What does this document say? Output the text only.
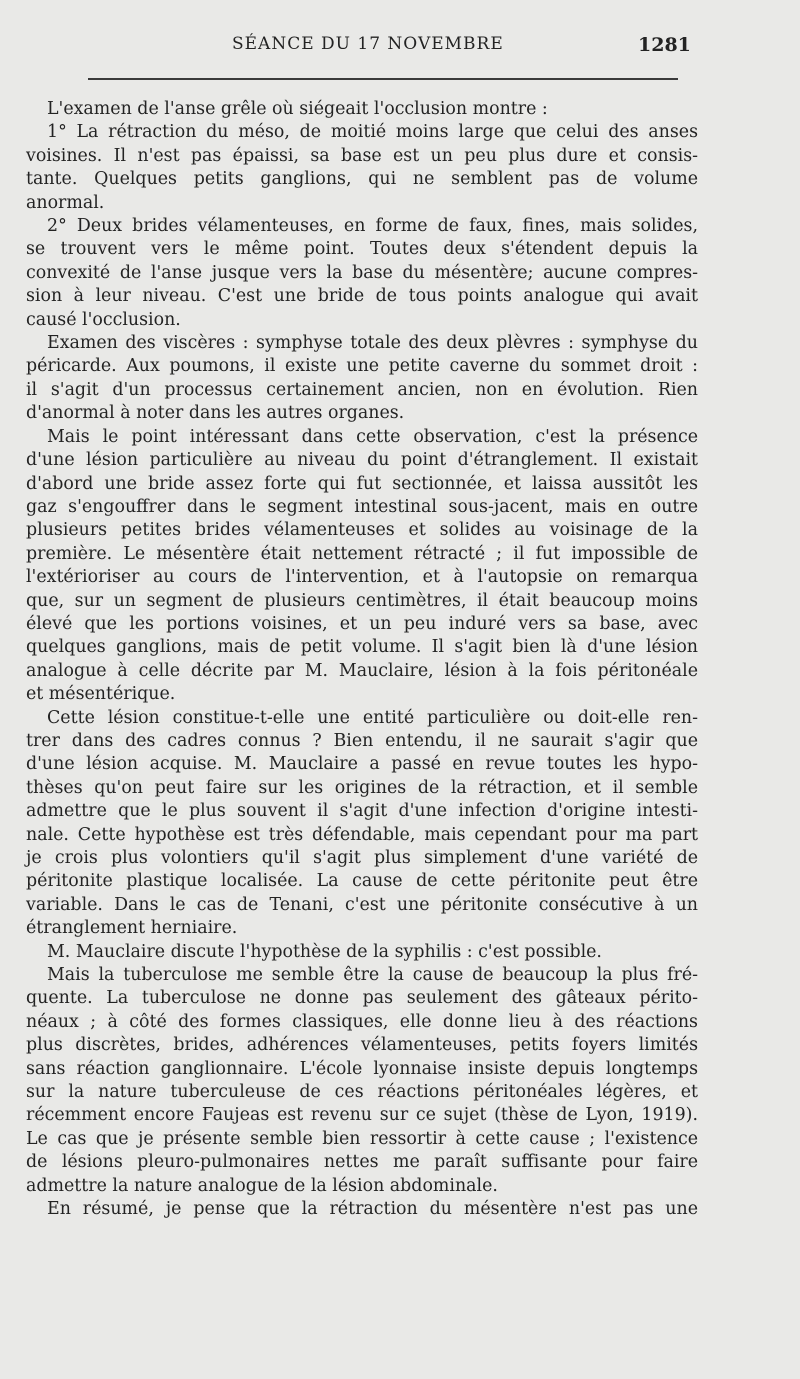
SÉANCE DU 17 NOVEMBRE	1281
L'examen de l'anse grêle où siégeait l'occlusion montre :
1° La rétraction du méso, de moitié moins large que celui des anses
voisines. Il n'est pas épaissi, sa base est un peu plus dure et consis-
tante. Quelques petits ganglions, qui ne semblent pas de volume
anormal.
2° Deux brides vélamenteuses, en forme de faux, fines, mais solides,
se trouvent vers le même point. Toutes deux s'étendent depuis la
convexité de l'anse jusque vers la base du mésentère; aucune compres-
sion à leur niveau. C'est une bride de tous points analogue qui avait
causé l'occlusion.
Examen des viscères : symphyse totale des deux plèvres : symphyse du
péricarde. Aux poumons, il existe une petite caverne du sommet droit :
il s'agit d'un processus certainement ancien, non en évolution. Rien
d'anormal à noter dans les autres organes.
Mais le point intéressant dans cette observation, c'est la présence
d'une lésion particulière au niveau du point d'étranglement. Il existait
d'abord une bride assez forte qui fut sectionnée, et laissa aussitôt les
gaz s'engouffrer dans le segment intestinal sous-jacent, mais en outre
plusieurs petites brides vélamenteuses et solides au voisinage de la
première. Le mésentère était nettement rétracté ; il fut impossible de
l'extérioriser au cours de l'intervention, et à l'autopsie on remarqua
que, sur un segment de plusieurs centimètres, il était beaucoup moins
élevé que les portions voisines, et un peu induré vers sa base, avec
quelques ganglions, mais de petit volume. Il s'agit bien là d'une lésion
analogue à celle décrite par M. Mauclaire, lésion à la fois péritonéale
et mésentérique.
Cette lésion constitue-t-elle une entité particulière ou doit-elle ren-
trer dans des cadres connus ? Bien entendu, il ne saurait s'agir que
d'une lésion acquise. M. Mauclaire a passé en revue toutes les hypo-
thèses qu'on peut faire sur les origines de la rétraction, et il semble
admettre que le plus souvent il s'agit d'une infection d'origine intesti-
nale. Cette hypothèse est très défendable, mais cependant pour ma part
je crois plus volontiers qu'il s'agit plus simplement d'une variété de
péritonite plastique localisée. La cause de cette péritonite peut être
variable. Dans le cas de Tenani, c'est une péritonite consécutive à un
étranglement herniaire.
M. Mauclaire discute l'hypothèse de la syphilis : c'est possible.
Mais la tuberculose me semble être la cause de beaucoup la plus fré-
quente. La tuberculose ne donne pas seulement des gâteaux périto-
néaux ; à côté des formes classiques, elle donne lieu à des réactions
plus discrètes, brides, adhérences vélamenteuses, petits foyers limités
sans réaction ganglionnaire. L'école lyonnaise insiste depuis longtemps
sur la nature tuberculeuse de ces réactions péritonéales légères, et
récemment encore Faujeas est revenu sur ce sujet (thèse de Lyon, 1919).
Le cas que je présente semble bien ressortir à cette cause ; l'existence
de lésions pleuro-pulmonaires nettes me paraît suffisante pour faire
admettre la nature analogue de la lésion abdominale.
En résumé, je pense que la rétraction du mésentère n'est pas une
